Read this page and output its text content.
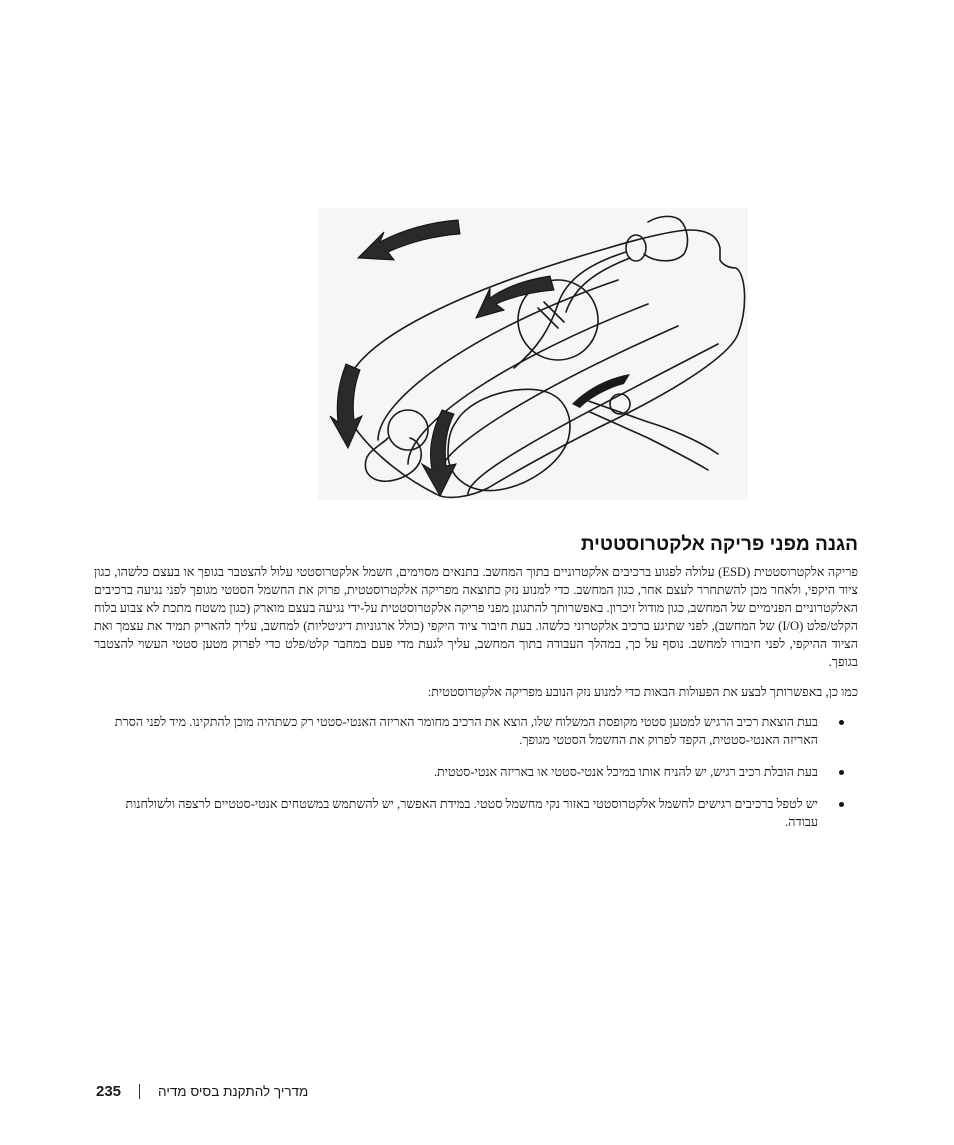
הגנה מפני פריקה אלקטרוסטטית

פריקה אלקטרוסטטית (ESD) עלולה לפגוע ברכיבים אלקטרוניים בתוך המחשב. בתנאים מסוימים, חשמל אלקטרוסטטי עלול להצטבר בגופך או בעצם כלשהו, כגון ציוד היקפי, ולאחר מכן להשתחרר לעצם אחר, כגון המחשב. כדי למנוע נזק כתוצאה מפריקה אלקטרוסטטית, פרוק את החשמל הסטטי מגופך לפני נגיעה ברכיבים האלקטרוניים הפנימיים של המחשב, כגון מודול זיכרון. באפשרותך להתגונן מפני פריקה אלקטרוסטטית על-ידי נגיעה בעצם מוארק (כגון משטח מתכת לא צבוע בלוח הקלט/פלט (I/O) של המחשב), לפני שתיגע ברכיב אלקטרוני כלשהו. בעת חיבור ציוד היקפי (כולל ארגוניות דיגיטליות) למחשב, עליך להאריק תמיד את עצמך ואת הציוד ההיקפי, לפני חיבורו למחשב. נוסף על כך, במהלך העבודה בתוך המחשב, עליך לגעת מדי פעם במחבר קלט/פלט כדי לפרוק מטען סטטי העשוי להצטבר בגופך.

כמו כן, באפשרותך לבצע את הפעולות הבאות כדי למנוע נזק הנובע מפריקה אלקטרוסטטית:

בעת הוצאת רכיב הרגיש למטען סטטי מקופסת המשלוח שלו, הוצא את הרכיב מחומר האריזה האנטי-סטטי רק כשתהיה מוכן להתקינו. מיד לפני הסרת האריזה האנטי-סטטית, הקפד לפרוק את החשמל הסטטי מגופך.
בעת הובלת רכיב רגיש, יש להניח אותו במיכל אנטי-סטטי או באריזה אנטי-סטטית.
יש לטפל ברכיבים רגישים לחשמל אלקטרוסטטי באזור נקי מחשמל סטטי. במידת האפשר, יש להשתמש במשטחים אנטי-סטטיים לרצפה ולשולחנות עבודה.
235	מדריך להתקנת בסיס מדיה
